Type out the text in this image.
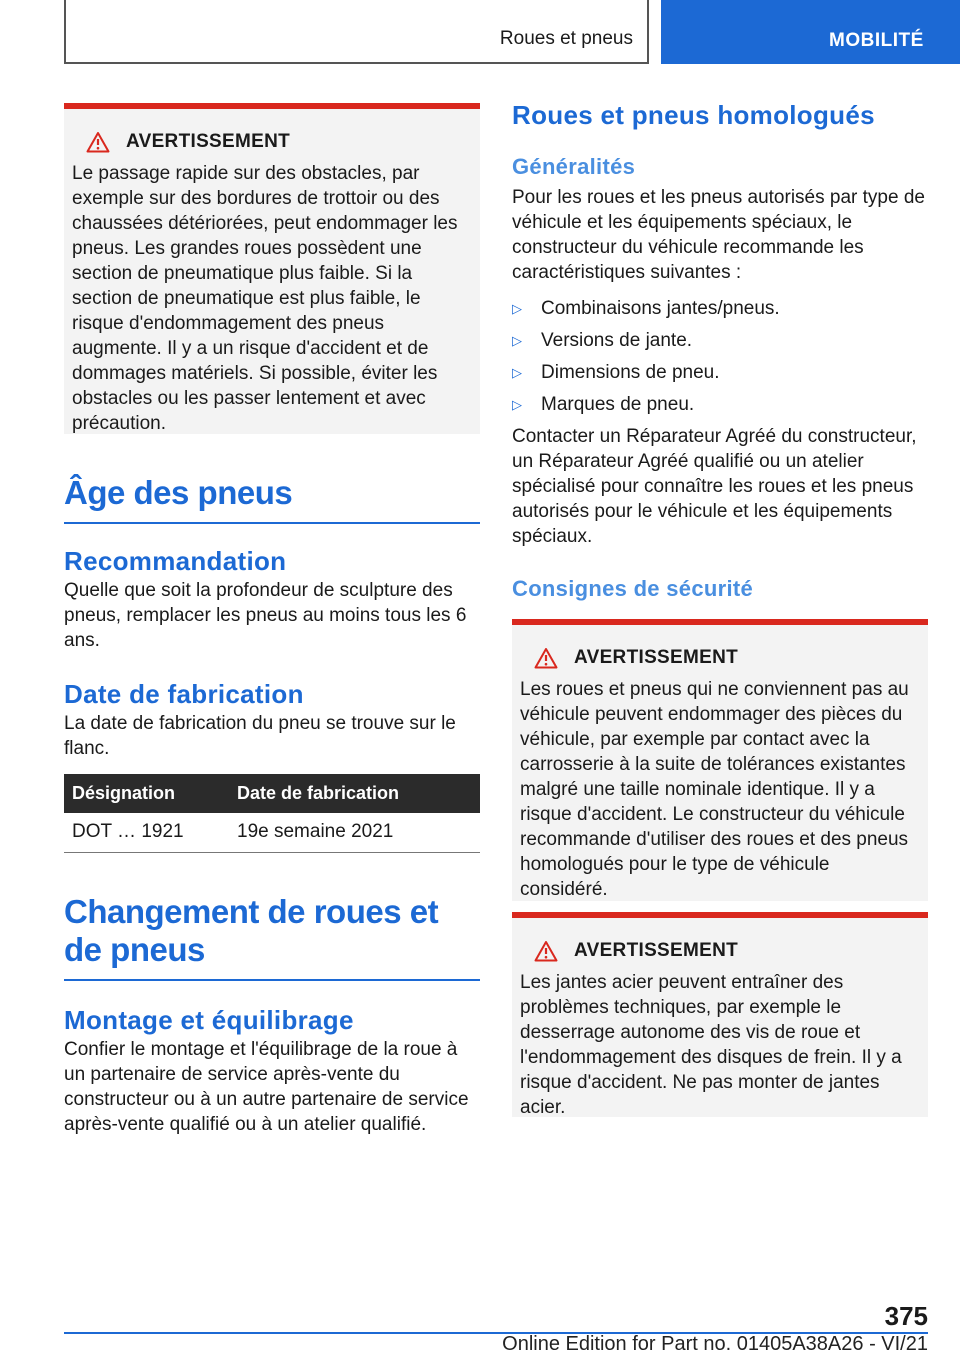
Roues et pneus	MOBILITÉ
AVERTISSEMENT

Le passage rapide sur des obstacles, par exemple sur des bordures de trottoir ou des chaussées détériorées, peut endommager les pneus. Les grandes roues possèdent une section de pneumatique plus faible. Si la section de pneumatique est plus faible, le risque d'endommagement des pneus augmente. Il y a un risque d'accident et de dommages matériels. Si possible, éviter les obstacles ou les passer lentement et avec précaution.

Âge des pneus
Recommandation

Quelle que soit la profondeur de sculpture des pneus, remplacer les pneus au moins tous les 6 ans.

Date de fabrication

La date de fabrication du pneu se trouve sur le flanc.

Désignation	Date de fabrication
DOT … 1921	19e semaine 2021
Changement de roues et de pneus
Montage et équilibrage

Confier le montage et l'équilibrage de la roue à un partenaire de service après-vente du constructeur ou à un autre partenaire de service après-vente qualifié ou à un atelier qualifié.

Roues et pneus homologués
Généralités

Pour les roues et les pneus autorisés par type de véhicule et les équipements spéciaux, le constructeur du véhicule recommande les caractéristiques suivantes :

▷	Combinaisons jantes/pneus.
▷	Versions de jante.
▷	Dimensions de pneu.
▷	Marques de pneu.

Contacter un Réparateur Agréé du constructeur, un Réparateur Agréé qualifié ou un atelier spécialisé pour connaître les roues et les pneus autorisés pour le véhicule et les équipements spéciaux.

Consignes de sécurité
AVERTISSEMENT

Les roues et pneus qui ne conviennent pas au véhicule peuvent endommager des pièces du véhicule, par exemple par contact avec la carrosserie à la suite de tolérances existantes malgré une taille nominale identique. Il y a risque d'accident. Le constructeur du véhicule recommande d'utiliser des roues et des pneus homologués pour le type de véhicule considéré.

AVERTISSEMENT

Les jantes acier peuvent entraîner des problèmes techniques, par exemple le desserrage autonome des vis de roue et l'endommagement des disques de frein. Il y a risque d'accident. Ne pas monter de jantes acier.

375
Online Edition for Part no. 01405A38A26 - VI/21
